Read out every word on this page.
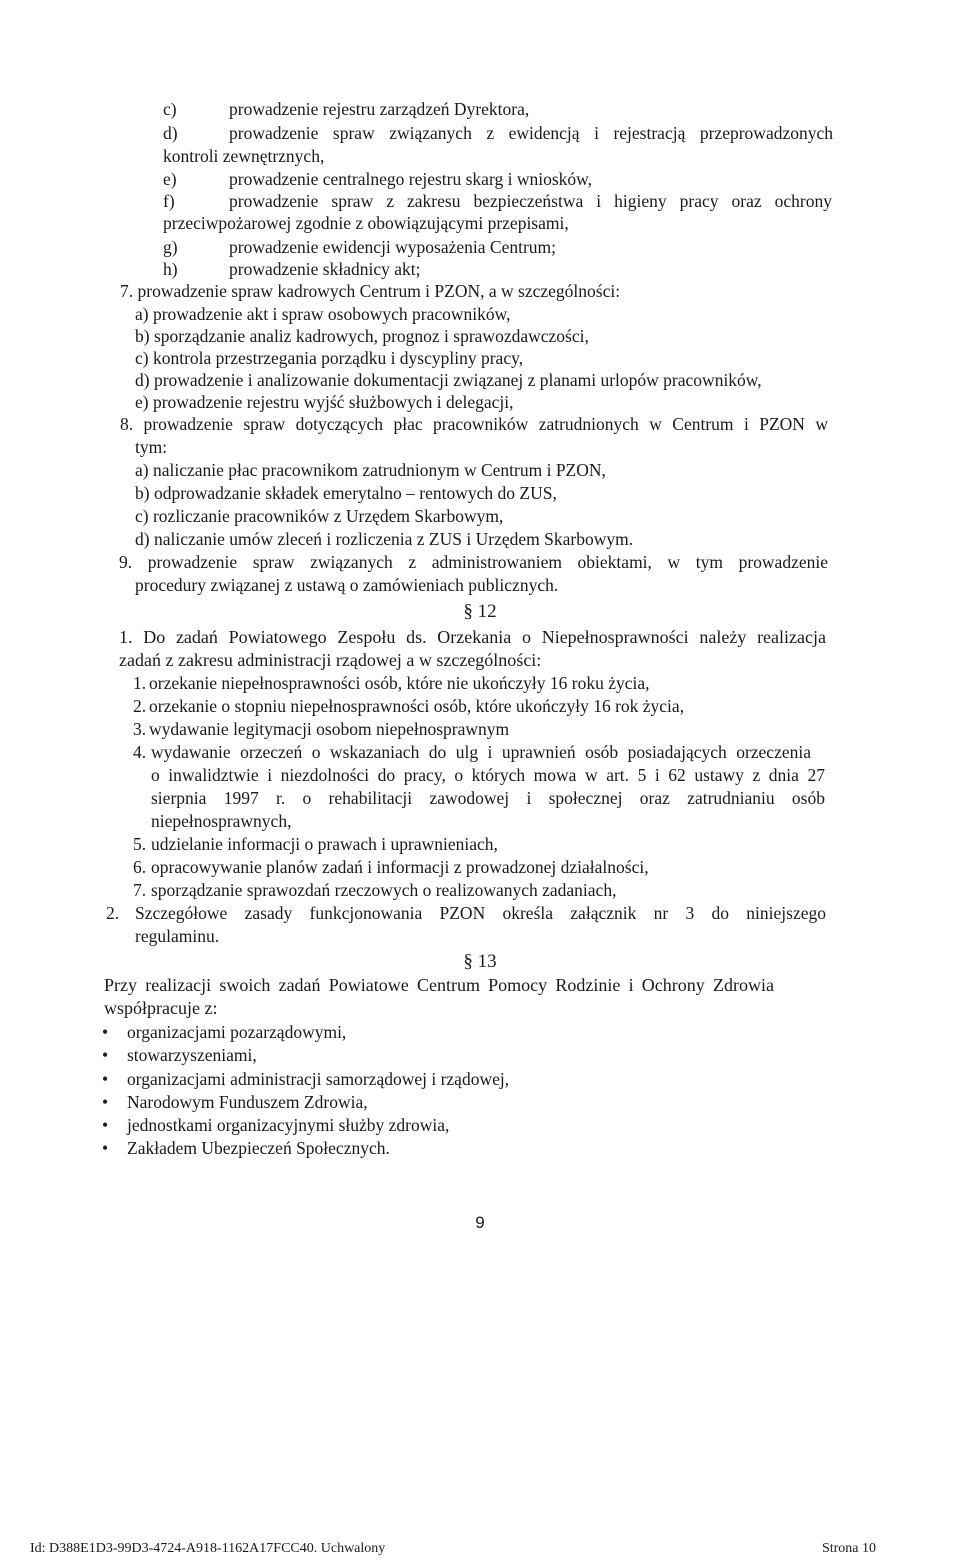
c)	prowadzenie rejestru zarządzeń Dyrektora,
d)	prowadzenie spraw związanych z ewidencją i rejestracją przeprowadzonych
kontroli zewnętrznych,
e)	prowadzenie centralnego rejestru skarg i wniosków,
f)	prowadzenie spraw z zakresu bezpieczeństwa i higieny pracy oraz ochrony
przeciwpożarowej zgodnie z obowiązującymi przepisami,
g)	prowadzenie ewidencji wyposażenia Centrum;
h)	prowadzenie składnicy akt;
7. prowadzenie spraw kadrowych Centrum i PZON, a w szczególności:
a) prowadzenie akt i spraw osobowych pracowników,
b) sporządzanie analiz kadrowych, prognoz i sprawozdawczości,
c) kontrola przestrzegania porządku i dyscypliny pracy,
d) prowadzenie i analizowanie dokumentacji związanej z planami urlopów pracowników,
e) prowadzenie rejestru wyjść służbowych i delegacji,
8. prowadzenie spraw dotyczących płac pracowników zatrudnionych w Centrum i PZON w
tym:
a) naliczanie płac pracownikom zatrudnionym w Centrum i PZON,
b) odprowadzanie składek emerytalno – rentowych do ZUS,
c) rozliczanie pracowników z Urzędem Skarbowym,
d) naliczanie umów zleceń i rozliczenia z ZUS i Urzędem Skarbowym.
9. prowadzenie spraw związanych z administrowaniem obiektami, w tym prowadzenie
procedury związanej z ustawą o zamówieniach publicznych.
§ 12
1. Do zadań Powiatowego Zespołu ds. Orzekania o Niepełnosprawności należy realizacja
zadań z zakresu administracji rządowej a w szczególności:
1. orzekanie niepełnosprawności osób, które nie ukończyły 16 roku życia,
2. orzekanie o stopniu niepełnosprawności osób, które ukończyły 16 rok życia,
3. wydawanie legitymacji osobom niepełnosprawnym
4. wydawanie orzeczeń o wskazaniach do ulg i uprawnień osób posiadających orzeczenia
o inwalidztwie i niezdolności do pracy, o których mowa w art. 5 i 62 ustawy z dnia 27
sierpnia 1997 r. o rehabilitacji zawodowej i społecznej oraz zatrudnianiu osób
niepełnosprawnych,
5. udzielanie informacji o prawach i uprawnieniach,
6. opracowywanie planów zadań i informacji z prowadzonej działalności,
7. sporządzanie sprawozdań rzeczowych o realizowanych zadaniach,
2. Szczegółowe zasady funkcjonowania PZON określa załącznik nr 3 do niniejszego
regulaminu.
§ 13
Przy realizacji swoich zadań Powiatowe Centrum Pomocy Rodzinie i Ochrony Zdrowia
współpracuje z:
• organizacjami pozarządowymi,
• stowarzyszeniami,
• organizacjami administracji samorządowej i rządowej,
• Narodowym Funduszem Zdrowia,
• jednostkami organizacyjnymi służby zdrowia,
• Zakładem Ubezpieczeń Społecznych.
9
Id: D388E1D3-99D3-4724-A918-1162A17FCC40. Uchwalony	Strona 10
